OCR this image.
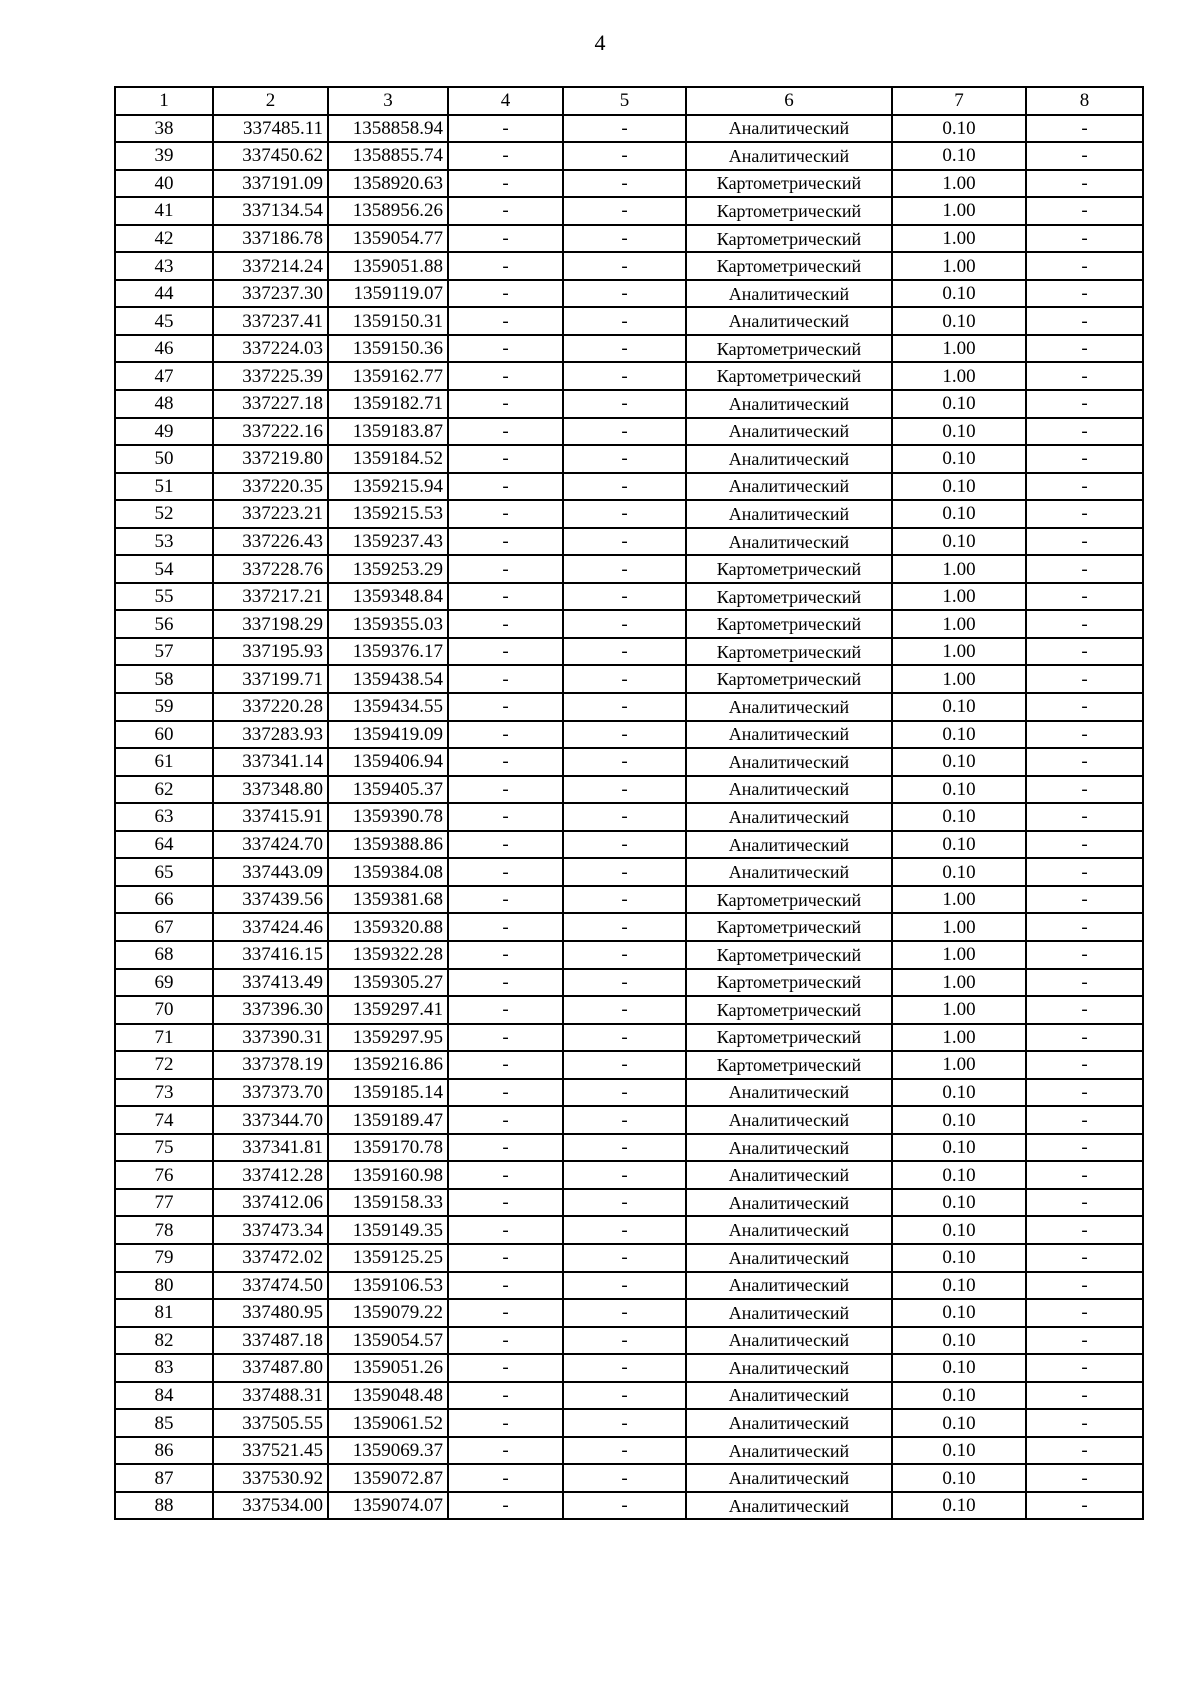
4
1	2	3	4	5	6	7	8
38	337485.11	1358858.94	-	-	Аналитический	0.10	-
39	337450.62	1358855.74	-	-	Аналитический	0.10	-
40	337191.09	1358920.63	-	-	Картометрический	1.00	-
41	337134.54	1358956.26	-	-	Картометрический	1.00	-
42	337186.78	1359054.77	-	-	Картометрический	1.00	-
43	337214.24	1359051.88	-	-	Картометрический	1.00	-
44	337237.30	1359119.07	-	-	Аналитический	0.10	-
45	337237.41	1359150.31	-	-	Аналитический	0.10	-
46	337224.03	1359150.36	-	-	Картометрический	1.00	-
47	337225.39	1359162.77	-	-	Картометрический	1.00	-
48	337227.18	1359182.71	-	-	Аналитический	0.10	-
49	337222.16	1359183.87	-	-	Аналитический	0.10	-
50	337219.80	1359184.52	-	-	Аналитический	0.10	-
51	337220.35	1359215.94	-	-	Аналитический	0.10	-
52	337223.21	1359215.53	-	-	Аналитический	0.10	-
53	337226.43	1359237.43	-	-	Аналитический	0.10	-
54	337228.76	1359253.29	-	-	Картометрический	1.00	-
55	337217.21	1359348.84	-	-	Картометрический	1.00	-
56	337198.29	1359355.03	-	-	Картометрический	1.00	-
57	337195.93	1359376.17	-	-	Картометрический	1.00	-
58	337199.71	1359438.54	-	-	Картометрический	1.00	-
59	337220.28	1359434.55	-	-	Аналитический	0.10	-
60	337283.93	1359419.09	-	-	Аналитический	0.10	-
61	337341.14	1359406.94	-	-	Аналитический	0.10	-
62	337348.80	1359405.37	-	-	Аналитический	0.10	-
63	337415.91	1359390.78	-	-	Аналитический	0.10	-
64	337424.70	1359388.86	-	-	Аналитический	0.10	-
65	337443.09	1359384.08	-	-	Аналитический	0.10	-
66	337439.56	1359381.68	-	-	Картометрический	1.00	-
67	337424.46	1359320.88	-	-	Картометрический	1.00	-
68	337416.15	1359322.28	-	-	Картометрический	1.00	-
69	337413.49	1359305.27	-	-	Картометрический	1.00	-
70	337396.30	1359297.41	-	-	Картометрический	1.00	-
71	337390.31	1359297.95	-	-	Картометрический	1.00	-
72	337378.19	1359216.86	-	-	Картометрический	1.00	-
73	337373.70	1359185.14	-	-	Аналитический	0.10	-
74	337344.70	1359189.47	-	-	Аналитический	0.10	-
75	337341.81	1359170.78	-	-	Аналитический	0.10	-
76	337412.28	1359160.98	-	-	Аналитический	0.10	-
77	337412.06	1359158.33	-	-	Аналитический	0.10	-
78	337473.34	1359149.35	-	-	Аналитический	0.10	-
79	337472.02	1359125.25	-	-	Аналитический	0.10	-
80	337474.50	1359106.53	-	-	Аналитический	0.10	-
81	337480.95	1359079.22	-	-	Аналитический	0.10	-
82	337487.18	1359054.57	-	-	Аналитический	0.10	-
83	337487.80	1359051.26	-	-	Аналитический	0.10	-
84	337488.31	1359048.48	-	-	Аналитический	0.10	-
85	337505.55	1359061.52	-	-	Аналитический	0.10	-
86	337521.45	1359069.37	-	-	Аналитический	0.10	-
87	337530.92	1359072.87	-	-	Аналитический	0.10	-
88	337534.00	1359074.07	-	-	Аналитический	0.10	-
